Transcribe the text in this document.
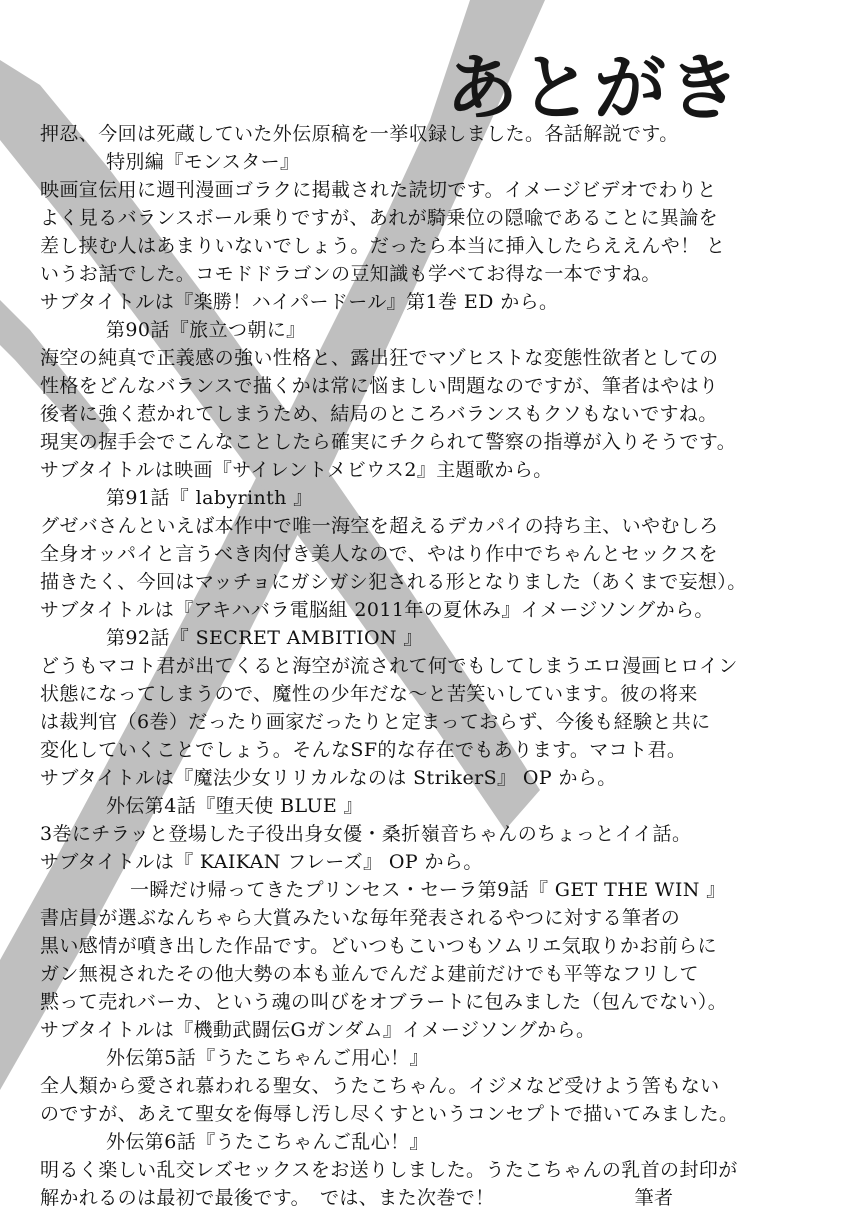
あとがき
押忍、今回は死蔵していた外伝原稿を一挙収録しました。各話解説です。
特別編『モンスター』
映画宣伝用に週刊漫画ゴラクに掲載された読切です。イメージビデオでわりと
よく見るバランスボール乗りですが、あれが騎乗位の隠喩であることに異論を
差し挟む人はあまりいないでしょう。だったら本当に挿入したらええんや！ と
いうお話でした。コモドドラゴンの豆知識も学べてお得な一本ですね。
サブタイトルは『楽勝！ハイパードール』第1巻 ED から。
第90話『旅立つ朝に』
海空の純真で正義感の強い性格と、露出狂でマゾヒストな変態性欲者としての
性格をどんなバランスで描くかは常に悩ましい問題なのですが、筆者はやはり
後者に強く惹かれてしまうため、結局のところバランスもクソもないですね。
現実の握手会でこんなことしたら確実にチクられて警察の指導が入りそうです。
サブタイトルは映画『サイレントメビウス2』主題歌から。
第91話『 labyrinth 』
グゼバさんといえば本作中で唯一海空を超えるデカパイの持ち主、いやむしろ
全身オッパイと言うべき肉付き美人なので、やはり作中でちゃんとセックスを
描きたく、今回はマッチョにガシガシ犯される形となりました（あくまで妄想）。
サブタイトルは『アキハバラ電脳組 2011年の夏休み』イメージソングから。
第92話『 SECRET AMBITION 』
どうもマコト君が出てくると海空が流されて何でもしてしまうエロ漫画ヒロイン
状態になってしまうので、魔性の少年だな～と苦笑いしています。彼の将来
は裁判官（6巻）だったり画家だったりと定まっておらず、今後も経験と共に
変化していくことでしょう。そんなSF的な存在でもあります。マコト君。
サブタイトルは『魔法少女リリカルなのは StrikerS』 OP から。
外伝第4話『堕天使 BLUE 』
3巻にチラッと登場した子役出身女優・桑折嶺音ちゃんのちょっとイイ話。
サブタイトルは『 KAIKAN フレーズ』 OP から。
一瞬だけ帰ってきたプリンセス・セーラ第9話『 GET THE WIN 』
書店員が選ぶなんちゃら大賞みたいな毎年発表されるやつに対する筆者の
黒い感情が噴き出した作品です。どいつもこいつもソムリエ気取りかお前らに
ガン無視されたその他大勢の本も並んでんだよ建前だけでも平等なフリして
黙って売れバーカ、という魂の叫びをオブラートに包みました（包んでない）。
サブタイトルは『機動武闘伝Gガンダム』イメージソングから。
外伝第5話『うたこちゃんご用心！』
全人類から愛され慕われる聖女、うたこちゃん。イジメなど受けよう筈もない
のですが、あえて聖女を侮辱し汚し尽くすというコンセプトで描いてみました。
外伝第6話『うたこちゃんご乱心！』
明るく楽しい乱交レズセックスをお送りしました。うたこちゃんの乳首の封印が
解かれるのは最初で最後です。　では、また次巻で！	筆者
